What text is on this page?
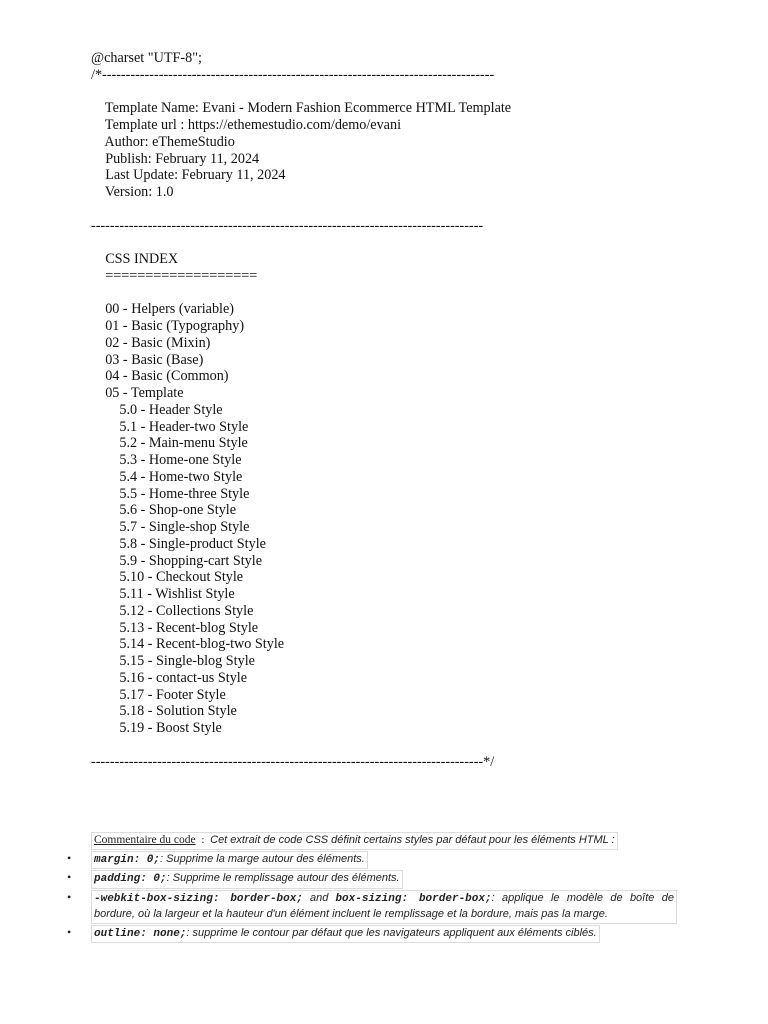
@charset "UTF-8";
/*-----------------------------------------------------------------------------------
Template Name: Evani - Modern Fashion Ecommerce HTML Template
Template url : https://ethemestudio.com/demo/evani
Author: eThemeStudio
Publish: February 11, 2024
Last Update: February 11, 2024
Version: 1.0
-----------------------------------------------------------------------------------
CSS INDEX
===================
00 - Helpers (variable)
01 - Basic (Typography)
02 - Basic (Mixin)
03 - Basic (Base)
04 - Basic (Common)
05 - Template
5.0 - Header Style
5.1 - Header-two Style
5.2 - Main-menu Style
5.3 - Home-one Style
5.4 - Home-two Style
5.5 - Home-three Style
5.6 - Shop-one Style
5.7 - Single-shop Style
5.8 - Single-product Style
5.9 - Shopping-cart Style
5.10 - Checkout Style
5.11 - Wishlist Style
5.12 - Collections Style
5.13 - Recent-blog Style
5.14 - Recent-blog-two Style
5.15 - Single-blog Style
5.16 - contact-us Style
5.17 - Footer Style
5.18 - Solution Style
5.19 - Boost Style
-----------------------------------------------------------------------------------*/
Commentaire du code : Cet extrait de code CSS définit certains styles par défaut pour les éléments HTML :
• margin: 0;: Supprime la marge autour des éléments.
• padding: 0;: Supprime le remplissage autour des éléments.
• -webkit-box-sizing: border-box; and box-sizing: border-box;: applique le modèle de boîte de bordure, où la largeur et la hauteur d'un élément incluent le remplissage et la bordure, mais pas la marge.
• outline: none;: supprime le contour par défaut que les navigateurs appliquent aux éléments ciblés.
